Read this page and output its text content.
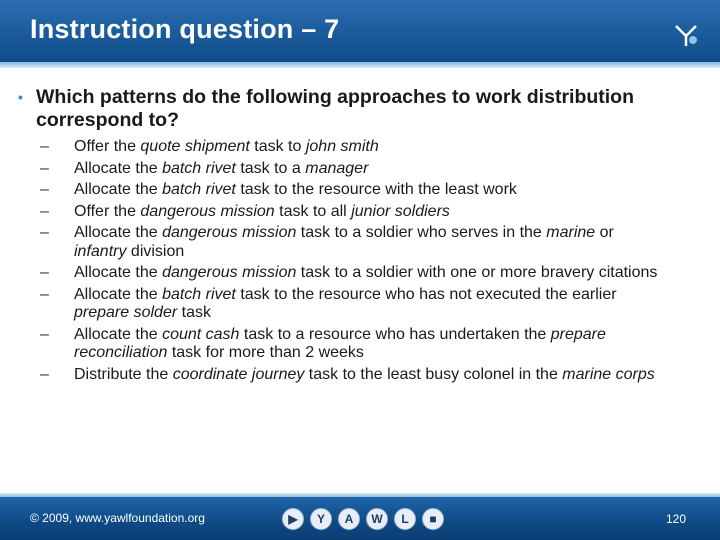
Instruction question – 7
• Which patterns do the following approaches to work distribution correspond to?
–	Offer the quote shipment task to john smith
–	Allocate the batch rivet task to a manager
–	Allocate the batch rivet task to the resource with the least work
–	Offer the dangerous mission task to all junior soldiers
–	Allocate the dangerous mission task to a soldier who serves in the marine or infantry division
–	Allocate the dangerous mission task to a soldier with one or more bravery citations
–	Allocate the batch rivet task to the resource who has not executed the earlier prepare solder task
–	Allocate the count cash task to a resource who has undertaken the prepare reconciliation task for more than 2 weeks
–	Distribute the coordinate journey task to the least busy colonel in the marine corps
© 2009, www.yawlfoundation.org	▶	Y	A	W	L	■	120
